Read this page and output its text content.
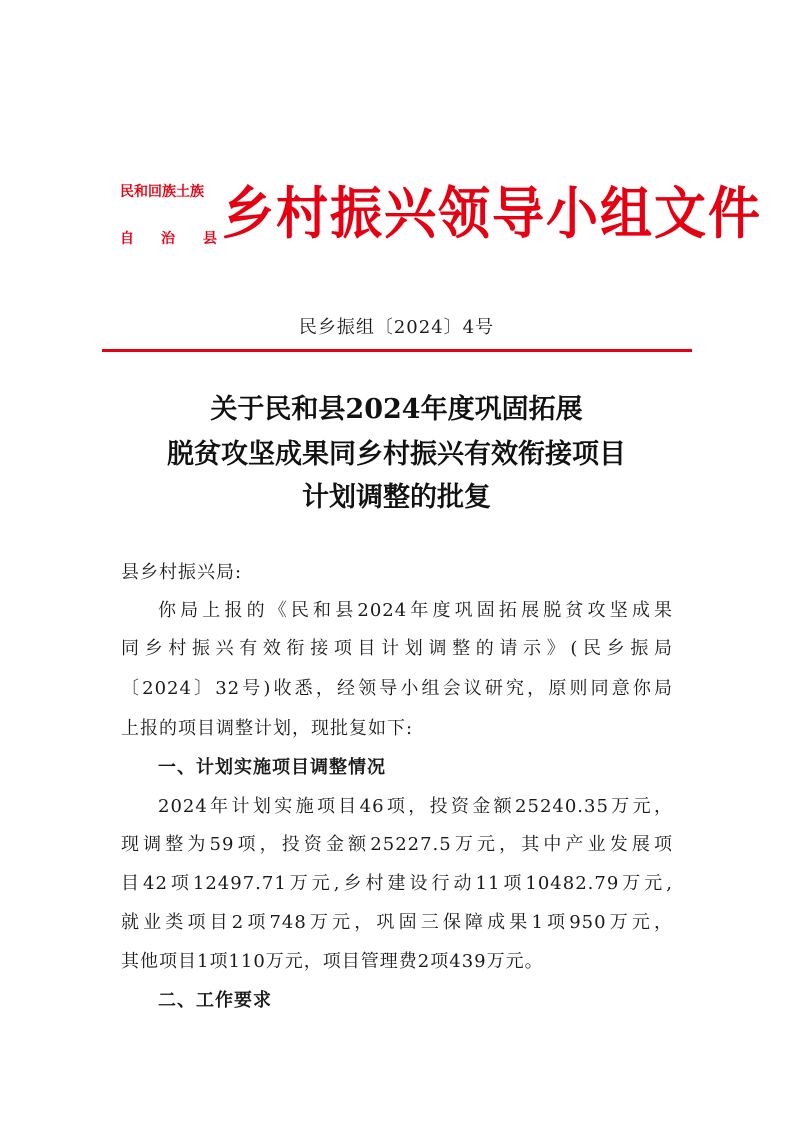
民和回族土族
自 治 县 乡村振兴领导小组文件
民乡振组〔2024〕4号
关于民和县2024年度巩固拓展
脱贫攻坚成果同乡村振兴有效衔接项目
计划调整的批复
县乡村振兴局:
你局上报的《民和县2024年度巩固拓展脱贫攻坚成果
同乡村振兴有效衔接项目计划调整的请示》(民乡振局
〔2024〕32号)收悉，经领导小组会议研究，原则同意你局
上报的项目调整计划，现批复如下:
一、计划实施项目调整情况
2024年计划实施项目46项，投资金额25240.35万元，
现调整为59项，投资金额25227.5万元，其中产业发展项
目42项12497.71万元,乡村建设行动11项10482.79万元,
就业类项目2项748万元，巩固三保障成果1项950万元，
其他项目1项110万元，项目管理费2项439万元。
二、工作要求
